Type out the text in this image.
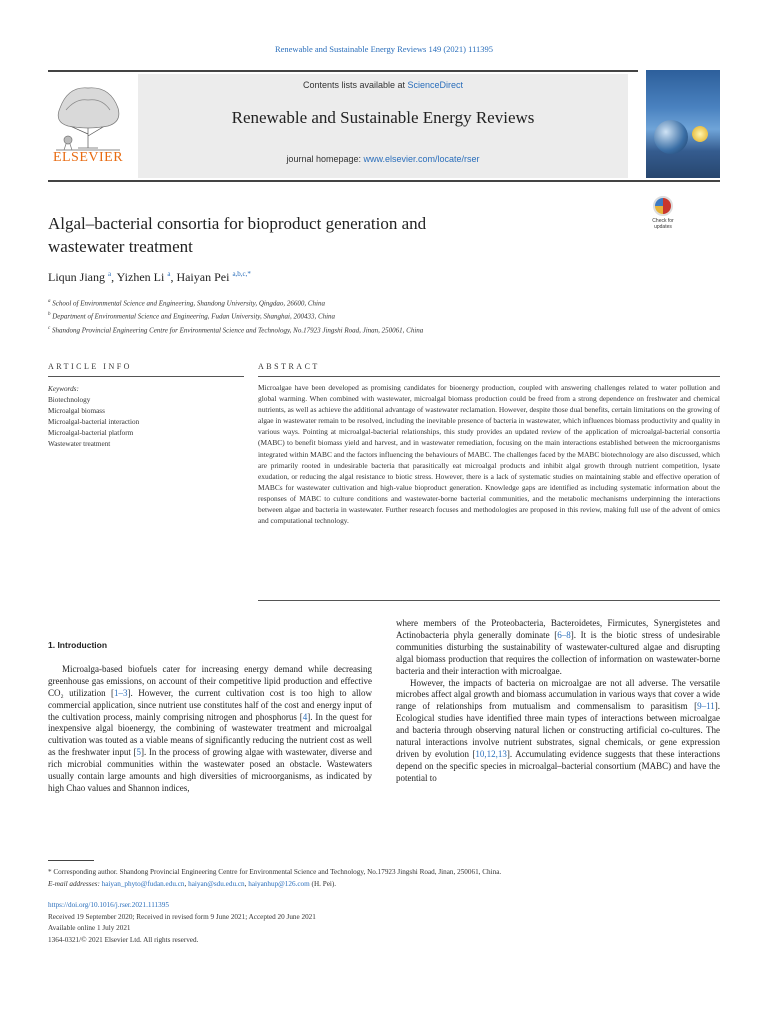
Renewable and Sustainable Energy Reviews 149 (2021) 111395
ELSEVIER
Contents lists available at ScienceDirect
Renewable and Sustainable Energy Reviews
journal homepage: www.elsevier.com/locate/rser
Check for updates
Algal–bacterial consortia for bioproduct generation and
wastewater treatment
Liqun Jiang $^a$, Yizhen Li $^a$, Haiyan Pei $^{a,b,c,*}$
$^a$ School of Environmental Science and Engineering, Shandong University, Qingdao, 26600, China
$^b$ Department of Environmental Science and Engineering, Fudan University, Shanghai, 200433, China
$^c$ Shandong Provincial Engineering Centre for Environmental Science and Technology, No.17923 Jingshi Road, Jinan, 250061, China
ARTICLE INFO	ABSTRACT
Keywords:
Biotechnology
Microalgal biomass
Microalgal-bacterial interaction
Microalgal-bacterial platform
Wastewater treatment
Microalgae have been developed as promising candidates for bioenergy production, coupled with answering challenges related to water pollution and global warming. When combined with wastewater, microalgal biomass production could be freed from a strong dependence on freshwater and chemical nutrients, as well as achieve the additional advantage of wastewater reclamation. However, despite those dual benefits, certain limitations on the growing of algae in wastewater remain to be resolved, including the inevitable presence of bacteria in wastewater, which influences biomass productivity and quality in various ways. Pointing at microalgal-bacterial relationships, this study provides an updated review of the application of microalgal-bacterial consortia (MABC) to benefit biomass yield and harvest, and in wastewater remediation, focusing on the main interactions established between the microorganisms integrated within MABC and the factors influencing the behaviours of MABC. The challenges faced by the MABC biotechnology are also discussed, which are primarily rooted in undesirable bacteria that parasitically eat microalgal products and inhibit algal growth through nutrient competition, lysate exudation, or reducing the algal resistance to biotic stress. However, there is a lack of systematic studies on maintaining stable and effective operation of MABCs for wastewater cultivation and high-value bioproduct generation. Knowledge gaps are identified as including systematic information about the responses of MABC to culture conditions and wastewater-borne bacterial communities, and the metabolic mechanisms underpinning the interactions between algae and bacteria in wastewater. Further research focuses and methodologies are proposed in this review, making full use of the advent of omics and computational technology.
1. Introduction

Microalga-based biofuels cater for increasing energy demand while decreasing greenhouse gas emissions, on account of their competitive lipid production and effective CO₂ utilization [1–3]. However, the current cultivation cost is too high to allow commercial application, since nutrient use constitutes half of the cost and energy input of the cultivation process, mainly comprising nitrogen and phosphorus [4]. In the quest for inexpensive algal bioenergy, the combining of wastewater treatment and microalgal cultivation was touted as a viable means of significantly reducing the nutrient cost as well as the freshwater input [5]. In the process of growing algae with wastewater, diverse and rich microbial communities within the wastewater posed an obstacle. Wastewaters usually contain large amounts and high diversities of microorganisms, as indicated by high Chao values and Shannon indices,

where members of the Proteobacteria, Bacteroidetes, Firmicutes, Synergistetes and Actinobacteria phyla generally dominate [6–8]. It is the biotic stress of undesirable communities disturbing the sustainability of wastewater-cultured algae and disrupting algal biomass production that requires the collection of information on wastewater-borne bacteria and their interaction with microalgae.

However, the impacts of bacteria on microalgae are not all adverse. The versatile microbes affect algal growth and biomass accumulation in various ways that cover a wide range of relationships from mutualism and commensalism to parasitism [9–11]. Ecological studies have identified three main types of interactions between microalgae and bacteria through observing natural lichen or constructing artificial co-cultures. The natural interactions involve nutrient substrates, signal chemicals, or gene expression driven by evolution [10,12,13]. Accumulating evidence suggests that these interactions depend on the specific species in microalgal–bacterial consortium (MABC) and have the potential to

* Corresponding author. Shandong Provincial Engineering Centre for Environmental Science and Technology, No.17923 Jingshi Road, Jinan, 250061, China.
E-mail addresses: haiyan_phyto@fudan.edu.cn, haiyan@sdu.edu.cn, haiyanhup@126.com (H. Pei).
https://doi.org/10.1016/j.rser.2021.111395
Received 19 September 2020; Received in revised form 9 June 2021; Accepted 20 June 2021
Available online 1 July 2021
1364-0321/© 2021 Elsevier Ltd. All rights reserved.
